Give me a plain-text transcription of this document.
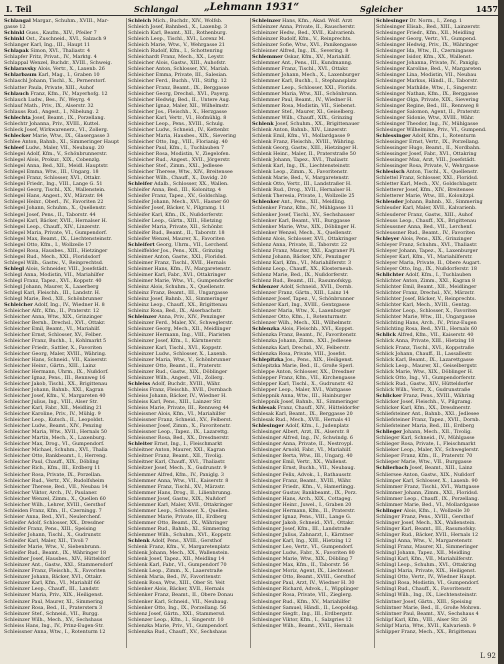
I. Teil	Schlangal	„Lehmann 1931“	Sgleicher	1457
Schlangal Margar., Schuhm., XVIII., Mar-
gasse 12
Schinkl Guss., Kaufm., XIV., Pfeiler 7
Schinkl Ost., Zuschneid., XVI., Salzach 9
Schlanger Karl, Ing., III., Haupt 11
Schlapak Simon, XVI., Thaliastr. 4
Schlapfer Fritz, Privat., IV., Marktg. 4
Schlappal Wenzel, Buchdr., XVIII., Schweig.
Schlaravsky Alois, Vertr., X., Laxenb. 26
Schlarbaum Karl, Mag., I., Graben 10
Schlaschl Johann, Tischl., X., Pernerstorf.
Schlatter Paula, Private, XIII., Auhof
Schlauch Franz, Kfm., IV., Mayerhofg. 12
Schlauch Ludw., Bes., IV., Weyrg. 4
Schlauf Math., Priv., IX., Alserstr. 32
Schlauss Rud., Angest., I., Nibelung. 2
Schlechta Josef, Beamt., IX., Porzellang.
Schlechtr Johanna, Priv., XVIII., Kuttel.
Schleck Josef, Wirkwarenerz., VI., Zollerg.
Schlecker Marie, Wtw., IX., Glasergasse 3
Schlee Anton, Bahnb., XI., Simmeringer Haupt
Schleef Ludw., Maler, VII., Neubaug. 20
Schlegel Adolf, Kfm., V., Schönbrunnerstr.
Schlegel Alois, Prokur., XIX., Cobenzlg.
Schlegel Anna, Bed., XII., Meidl. Hauptstr.
Schlegel Emma, Wtw., III., Ungarg. 18
Schlegel Franz, Schlosser, XVI., Ottakr.
Schlegel Friedr., Ing., VIII., Lange G. 51
Schlegel Georg, Tischl., XX., Wallenstein.
Schlegel Hans, Angest., XV., Märzstr. 84
Schlegel Heinr., Oberl., IV., Favoriten 22
Schlegel Johann, Schuhm., X., Quellenstr.
Schlegel Josef, Pens., II., Taborstr. 44
Schlegel Karl, Bäcker, XVII., Hernalser H.
Schlegel Leop., Chauff., XIV., Linzerstr.
Schlegel Maria, Private, VI., Gumpendorf.
Schlegel Max, Beamt., IX., Liechtensteinstr.
Schlegel Otto, Kfm., I., Wollzeile 17
Schlegel Rosa, Hausbes., XIII., Hietzinger
Schlegel Rud., Mech., XXI., Floridsdorf
Schlegel Wilh., Gastw., V., Reinprechtsd.
Schlegl Alois, Schneider, VIII., Josefstädt.
Schlegl Anna, Modistin, VII., Mariahilfer
Schlegl Franz, Tapez., XVI., Koppstr. 40
Schlegl Johann, Maurer, X., Laaerberg
Schlegl Karl, Fleischh., III., Landstr. H.
Schlegl Marie, Bed., XII., Schönbrunner
Schleicher Adolf, Ing., IV., Wiedner H. 8
Schleicher Alfr., Kfm., II., Praterstr. 12
Schleicher Anna, Wtw., XIX., Grinzinger
Schleicher Bernh., Drechsl., XVI., Ottakr.
Schleicher Emil, Beamt., VI., Mariahilf.
Schleicher Ernst, Schlosser, XV., Felber.
Schleicher Franz, Buchh., I., Kohlmarkt 5
Schleicher Friedr., Sattler, X., Favoriten
Schleicher Georg, Maler, XVIII., Währing.
Schleicher Hans, Schneid., VII., Kaiserstr.
Schleicher Heinr., Gärtn., XIII., Lainz
Schleicher Hermann, Uhrm., IX., Nußdorf.
Schleicher Ignaz, Pens., III., Rennweg 16
Schleicher Jakob, Tischl., XX., Brigittenau
Schleicher Johann, Bahnb., XXI., Kagran
Schleicher Josef, Kfm., V., Margareten 40
Schleicher Julius, Ing., VIII., Alser Str.
Schleicher Karl, Fabr., XII., Meidling 21
Schleicher Karoline, Priv., IV., Mühlg. 9
Schleicher Leop., Kutsch., II., Leopoldst.
Schleicher Ludw., Beamt., XIV., Penzing
Schleicher Maria, Wtw., XVII., Hernals 50
Schleicher Martin, Mech., X., Laxenburg.
Schleicher Max, Drog., VI., Gumpendorf.
Schleicher Michael, Schuhm., XVI., Thalia
Schleicher Otto, Bankbeamt., I., Herreng.
Schleicher Paul, Chauff., XIX., Döbling
Schleicher Rich., Kfm., III., Erdberg 11
Schleicher Rosa, Private, IX., Porzellan.
Schleicher Rud., Vertr., XV., Rudolfsheim
Schleicher Therese, Bed., VII., Neubau 14
Schleicher Viktor, Arch., IV., Paulaner.
Schleicher Wenzel, Zimm., X., Quellen 60
Schleicher Wilh., Lehrer, XVIII., Gersthof
Schleiden Franz, Kfm., II., Czerningg. 7
Schleier Anna, Bed., XVI., Neulerchenf.
Schleifer Adolf, Schlosser, XX., Dresdner
Schleifer Franz, Pens., XIII., Speising
Schleifer Johann, Tischl., X., Gudrunstr.
Schleifer Karl, Maler, XII., Tivoli 7
Schleifer Marie, Wtw., V., Siebenbrunn.
Schleifer Rud., Beamt., IX., Währinger 18
Schleifner Josef, Hausbes., XIV., Hütteldorf
Schleinzer Ant., Gastw., XXI., Stammersdorf
Schleinzer Franz, Fleischh., X., Favoriten
Schleinzer Johann, Bäcker, XVI., Ottakr.
Schleinzer Karl, Kfm., VI., Mariahilf 66
Schleinzer Leop., Chauff., III., Landstr.
Schleinzer Maria, Priv., XIX., Heiligenst.
Schleinzer Paul, Maurer, XI., Simmering
Schleinzer Rosa, Bed., II., Praterstern 3
Schleinzer Stef., Schneid., VII., Burgg.
Schleinzer Wilh., Mech., XV., Sechshaus
Schleiss Hans, Ing., IV., Prinz-Eugen-Str.
Schleissner Anna, Wtw., I., Rotenturm 12
Schleich Mich., Buchdr., XIV., Wolfsb.
Schleich Josef, Bahnbed., X., Laxenbg. 3
Schleich Karl, Beamt., XII., Rothenburg.
Schleich Leop., Tischl., XVI., Lorenz M.
Schleich Marie, Wtw., V., Wehrgasse 21
Schleich Rudolf, Kfm., I., Schottenring
Schleichardt Franz, Mech., XX., Leystr.
Schleicher Alois, Gastw., XIII., Auhofstr.
Schleicher Anton, Schlosser, XV., Mariah.
Schleicher Emma, Private, III., Salesian.
Schleicher Ferd., Buchh., VII., Stiftg. 12
Schleicher Franz, Beamt., IX., Berggasse
Schleicher Georg, Drechsl., XVI., Payerg.
Schleicher Hedwig, Bed., II., Untere Aug.
Schleicher Ignaz, Maler, XII., Wilhelmstr.
Schleicher Jos., Fleischh., X., Herzgasse
Schleicher Karl, Vertr., VI., Hofmühlg. 8
Schleicher Leop., Pens., XVIII., Schulg.
Schleicher Ludw., Schneid., IV., Kettenbr.
Schleicher Maria, Hausbes., XIX., Sievering
Schleicher Otto, Ing., VIII., Florianig. 40
Schleicher Paul, Kfm., I., Tuchlauben 7
Schleicher Rosa, Modistin, V., Ziegelofen.
Schleicher Rud., Angest., XVII., Jörgerstr.
Schleicher Stef., Zimm., XXI., Jedlesee
Schleicher Therese, Wtw., XIV., Breitensee
Schleicher Wilh., Chauff., X., Davidg. 20
Schleifer Adalb., Schlosser, XX., Wallen.
Schleifer Anna, Bed., III., Kolonitzg. 4
Schleifer Franz, Tapez., XV., Goldschlag.
Schleifer Johann, Mech., XVI., Hasner 60
Schleifer Josef, Bäcker, V., Pilgramg. 11
Schleifer Karl, Kfm., IX., Nußdorferstr.
Schleifer Leop., Gärtn., XIII., Hietzing
Schleifer Maria, Private, XII., Schönbr.
Schleifer Rud., Beamt., II., Taborstr. 18
Schleifer Wenzel, Maurer, X., Favoriten
Schleifert Georg, Uhrm., VII., Lerchenf.
Schleiffelder Jos., Pens., XIX., Grinzing
Schleimer Anton, Gastw., XXI., Floridsd.
Schleimer Franz, Tischl., XVII., Hernals
Schleimer Hans, Kfm., IV., Margaretenstr.
Schleimer Karl, Fabr., XVI., Ottakringer
Schleimer Marie, Wtw., VI., Gumpendorfer
Schleinz Alois, Schuhm., X., Quellenstr.
Schleinz Franz, Beamt., III., Ungargasse
Schleinz Josef, Bahnb., XI., Simmeringer
Schleinz Leop., Chauff., XX., Brigittenau
Schleinz Rosa, Bed., IX., Alserbachstr.
Schleinzer Anna, Priv., XIV., Penzinger
Schleinzer Ferd., Maler, XV., Schweglerstr.
Schleinzer Georg, Mech., XII., Meidlinger
Schleinzer Hermann, Ing., VIII., Piaristen
Schleinzer Josef, Kfm., I., Kärntnerstr.
Schleinzer Karl, Tischl., XVI., Koppstr.
Schleinzer Ludw., Schlosser, X., Laxenb.
Schleinzer Maria, Wtw., V., Schönbrunner
Schleinzer Otto, Beamt., II., Praterstr.
Schleinzer Rud., Gastw., XIX., Döblinger
Schleinzer Wilh., Angest., VII., Zollerg.
Schleiss Adolf, Buchdr., XVIII., Währ.
Schleiss Franz, Fleischh., XVII., Dornbach
Schleiss Johann, Bäcker, IV., Wiedner H.
Schleiss Karl, Pens., XIII., Lainzer Str.
Schleiss Marie, Private, III., Rennweg 44
Schleissner Alois, Kfm., VI., Mariahilfer
Schleissner Franz, Schneid., XV., Felberst.
Schleissner Josef, Zimm., X., Favoritenstr.
Schleissner Leop., Tapez., IX., Lazarettg.
Schleissner Rosa, Bed., XX., Dresdnerstr.
Schleiter Ernst, Ing., I., Fleischmarkt
Schleitner Anton, Maurer, XXI., Kagran
Schleitner Franz, Beamt., XII., Tivolig.
Schleitner Karl, Chauff., XVI., Thaliastr.
Schleitzer Josef, Mech., X., Gudrunstr. 9
Schlemmer Alfred, Kfm., IV., Paniglg. 3
Schlemmer Anna, Wtw., VII., Kaiserstr. 8
Schlemmer Franz, Tischl., XV., Märzstr.
Schlemmer Hans, Drog., II., Lilienbrunng.
Schlemmer Josef, Gastw., XIX., Nußdorf
Schlemmer Karl, Maler, XVII., Ottakringer
Schlemmer Leop., Schlosser, X., Quellen.
Schlemmer Marie, Private, III., Erdberg
Schlemmer Otto, Beamt., IX., Währinger
Schlemmer Rud., Bahnb., XI., Simmering
Schlemmer Wilh., Schuhm., XVI., Koppstr.
Schlenk Adolf, Pens., XVIII., Gersthof
Schlenk Franz, Kfm., V., Margaretenplatz
Schlenk Johann, Mech., XX., Wallenstein.
Schlenk Josef, Tapez., XII., Meidling 14
Schlenk Karl, Fabr., VI., Gumpendorf 70
Schlenk Leop., Zimm., X., Laaerstraße
Schlenk Maria, Bed., IV., Favoritenstr.
Schlenk Rosa, Wtw., XIII., Ober St. Veit
Schlenker Alois, Bäcker, XVII., Hernals
Schlenker Franz, Beamt., II., Obere Donau
Schlenker Karl, Schneid., VII., Neubaug.
Schlenker Otto, Ing., IX., Porzellang. 56
Schlenz Josef, Gärtn., XXI., Stammersd.
Schlenzer Leop., Kfm., I., Singerstr. 10
Schlenzka Marie, Priv., VI., Gumpendorf.
Schlenzka Rud., Chauff., XV., Sechshaus
Schleinzer Hans, Kfm., Akad. Wolf. Arzt
Schleinzer Anna, Private, II., Rauscherstr.
Schleinzer Hedw., Bed., XVII., Kalvarienb.
Schleinzer Rudolf, Kfm., V., Reinprechts.
Schleinzer Sofie, Wtw., XVI., Panikengasse
Schleisner Alfred, Ing., IX., Severing. 8
Schlemmer Oskar, Kfm., XV., Mariahilf.
Schlemmer Ant., Pens., III., Kundmanng.
Schlemmer Franz, Tischl., XVI., Ottakr.
Schlemmer Johann, Mech., X., Laxenburger
Schlemmer Karl, Buchh., I., Stephansplatz
Schlemmer Leop., Schlosser, XXI., Florids.
Schlemmer Maria, Wtw., XII., Schönbrunn.
Schlemmer Paul, Beamt., IV., Wiedner H.
Schlemmer Rosa, Modistin, VII., Siebenst.
Schlemmer Stef., Maurer, XI., Geiselberg.
Schlemmer Wilh., Chauff., XIX., Grinzing
Schlenk Josef, Schuhm., XX., Brigittenauer
Schlenk Anton, Bahnb., XIV., Linzerstr.
Schlenk Emil, Kfm., VI., Mollardgasse 9
Schlenk Franz, Fleischh., XVIII., Währing.
Schlenk Georg, Gastw., XIII., Hietzinger H.
Schlenk Heinr., Maler, II., Praterstraße 50
Schlenk Johann, Tapez., XVI., Thaliastr.
Schlenk Karl, Ing., IX., Liechtensteinstr.
Schlenk Leop., Zimm., X., Favoritenstr.
Schlenk Marie, Bed., V., Margaretenstr.
Schlenk Otto, Vertr., III., Landstraßer H.
Schlenk Rud., Drog., XVII., Hernalser H.
Schlenk Theresia, Private, I., Wollzeile 25
Schlenker Ant., Pens., XII., Meidling.
Schlenker Franz, Kfm., IV., Mühlgasse 11
Schlenker Josef, Tischl., XV., Sechshauser
Schlenker Karl, Beamt., VII., Burggasse
Schlenker Marie, Wtw., XIX., Döblinger H.
Schlenker Wenzel, Mech., X., Quellenstr.
Schlenz Alois, Schlosser, XVI., Ottakringer
Schlenz Anna, Private, II., Taborstr. 22
Schlenz Franz, Maurer, XXI., Kagraner Pl.
Schlenz Johann, Bäcker, XIV., Penzinger
Schlenz Karl, Kfm., VI., Mariahilferstr. 3
Schlenz Leop., Chauff., XX., Klosterneub.
Schlenz Marie, Bed., IX., Nußdorferstr.
Schlenz Rud., Beamt., III., Rasumofskyg.
Schlenzer Adolf, Schneid., XVII., Dornb.
Schlenzer Franz, Gärtn., XIII., Lainz 14
Schlenzer Josef, Tapez., V., Schönbrunner
Schlenzer Karl, Ing., XVIII., Gentzgasse
Schlenzer Maria, Wtw., X., Laxenburger
Schlenzer Otto, Kfm., I., Rotenturmstr.
Schlenzer Wilh., Mech., XII., Wilhelmstr.
Schlenzka Alois, Fleischh., XVI., Koppst.
Schlenzka Franz, Beamt., IV., Favoritenstr.
Schlenzka Johann, Zimm., XXI., Jedlesee
Schlenzka Karl, Drechsl., XV., Felberstr.
Schlenzka Rosa, Private, VIII., Josefst.
Schlepitzka Jos., Pens., XIX., Heiligenst.
Schlepitzka Marie, Bed., II., Große Sperl.
Schleppe Anton, Schlosser, XX., Dresdner
Schlepper Franz, Kfm., VII., Kirchengasse
Schlepper Karl, Tischl., X., Gudrunstr. 42
Schlepper Leop., Maler, XVI., Wattgasse
Schleppnik Anna, Wtw., III., Hainburger
Schleppnik Josef, Bahnb., XI., Simmeringer
Schlesak Franz, Chauff., XIV., Hütteldorfer
Schlesak Karl, Beamt., IX., Berggasse 20
Schlesak Rud., Mech., XVII., Hernals 41
Schlesinger Adolf, Kfm., I., Judenplatz
Schlesinger Albert, Arzt, IX., Alserstr. 8
Schlesinger Alfred, Ing., IV., Schwindg. 6
Schlesinger Anna, Private, II., Nestroypl.
Schlesinger Arnold, Fabr., VI., Mariahilf.
Schlesinger Berta, Wtw., III., Ungarg. 40
Schlesinger Emil, Vertr., XX., Wallenst.
Schlesinger Ernst, Buchh., VII., Neubaug.
Schlesinger Felix, Advok., I., Rathausstr.
Schlesinger Franz, Beamt., XVIII., Währ.
Schlesinger Friedr., Kfm., V., Hamerlingg.
Schlesinger Gustav, Bankbeamt., IX., Porz.
Schlesinger Hans, Arch., XIX., Cottageg.
Schlesinger Heinr., Juwel., I., Graben 20
Schlesinger Hermann, Kfm., II., Praterstr.
Schlesinger Ignaz, Pens., VIII., Lange G.
Schlesinger Jakob, Schneid., XVI., Ottakr.
Schlesinger Josef, Kfm., III., Landstraße
Schlesinger Julius, Zahnarzt, I., Kärntner
Schlesinger Karl, Ing., XIII., Hietzing 12
Schlesinger Leo, Vertr., VI., Gumpendorf.
Schlesinger Ludw., Fabr., X., Favoriten 80
Schlesinger Marie, Wtw., XIX., Döbling 7
Schlesinger Max, Kfm., II., Taborstr. 56
Schlesinger Moriz, Agent, IX., Liechtenst.
Schlesinger Otto, Beamt., XVIII., Gersthof
Schlesinger Paul, Arzt, IV., Wiedner H. 30
Schlesinger Richard, Advok., I., Wipplinger
Schlesinger Rosa, Private, VII., Zieglerg.
Schlesinger Rud., Kfm., XV., Mariahilfer
Schlesinger Samuel, Händl., II., Leopoldsg.
Schlesinger Siegfr., Ing., III., Erdbergstr.
Schlesinger Viktor, Kfm., I., Salzgries 12
Schlesinger Wilh., Beamt., XVII., Hernals
Schlesinger Dr. Norm., I., Zeng. 1
Schlesinger Elisab., Bed., XIII., Lainzerstr.
Schlesinger Friedr., Kfm., XII., Meidling
Schlesinger Georg, Vertr., VI., Gumpend.
Schlesinger Hedwig, Priv., IX., Währinger
Schlesinger Ida, Wtw., II., Czerningasse
Schlesinger Isidor, Kfm., XX., Wallenst.
Schlesinger Johanna, Private, IV., Paniglg.
Schlesinger Karoline, Bed., V., Margareten
Schlesinger Lina, Modistin, VII., Neubau
Schlesinger Markus, Händl., II., Taborstr.
Schlesinger Mathilde, Wtw., I., Singerstr.
Schlesinger Nathan, Kfm., IX., Berggasse
Schlesinger Olga, Private, XIX., Sievering
Schlesinger Regine, Bed., III., Rennweg 8
Schlesinger Salomon, Agent, II., Praterstr.
Schlesinger Sidonie, Wtw., XVIII., Währ.
Schlesinger Theodor, Ing., IV., Mühlgasse
Schlesinger Wilhelmine, Priv., VI., Gumpend.
Schlessinger Adolf, Kfm., I., Rotenturm
Schlessinger Ernst, Vertr., IX., Porzellang.
Schlessinger Hugo, Beamt., II., Nordbahn.
Schlessinger Josef, Fabr., XVI., Ottakring
Schlessinger Max, Arzt, VIII., Josefstädt.
Schlessinger Rosa, Private, V., Wehrgasse
Schlesisch Anton, Tischl., X., Quellenstr.
Schlettel Franz, Schlosser, XXI., Floridsd.
Schletter Karl, Mech., XV., Goldschlagstr.
Schletterer Josef, Kfm., XIV., Breitensee
Schletterer Marie, Wtw., III., Kolonitzpl.
Schleuder Johann, Bahnb., XI., Simmering
Schleuder Karl, Maler, XVII., Kalvarienb.
Schleuderer Franz, Gastw., XIII., Auhof
Schleuss Leop., Chauff., XX., Brigittenau
Schleussner Anna, Bed., VII., Lerchenf.
Schleussner Rud., Beamt., IV., Favoriten
Schleyer Alois, Pens., XIX., Grinzinger
Schleyer Franz, Schuhm., XVI., Thaliastr.
Schleyer Johann, Tapez., X., Laxenburger
Schleyer Karl, Kfm., VI., Mariahilferstr.
Schleyer Maria, Private, II., Obere Augart.
Schleyer Otto, Ing., IX., Nußdorferstr. 18
Schlichter Adolf, Kfm., I., Tuchlauben
Schlichter Anton, Zimm., XXI., Kagran 8
Schlichter Emil, Beamt., XII., Meidlinger
Schlichter Franz, Drechsl., XV., Märzstr.
Schlichter Josef, Bäcker, V., Reinprechts.
Schlichter Karl, Mech., XVIII., Gentzg.
Schlichter Leop., Schlosser, X., Favoriten
Schlichter Marie, Wtw., III., Ungargasse
Schlichting Hans, Arch., IV., Prinz-Eugen
Schlichting Rosa, Bed., XVII., Hernals 60
Schlick Alfred, Kfm., VII., Kaiserstr. 40
Schlick Anna, Private, XIII., Hietzing 18
Schlick Franz, Tischl., XVI., Koppstraße
Schlick Johann, Chauff., II., Lassallestr.
Schlick Karl, Beamt., IX., Lazarettgasse
Schlick Leop., Maurer, XI., Geiselbergstr.
Schlick Marie, Wtw., XIX., Döblinger H.
Schlick Otto, Ing., VI., Gumpendorferstr.
Schlick Rud., Gastw., XIV., Hütteldorfer
Schlick Wilh., Vertr., X., Gudrunstraße
Schlicker Franz, Pens., XVIII., Währing
Schlicker Josef, Fleischh., V., Pilgramg.
Schlicker Karl, Kfm., XX., Dresdnerstr.
Schliefsteiner Ant., Bahnb., XXI., Jedlesee
Schliefsteiner Franz, Tapez., XVII., Dornb.
Schliefsteiner Maria, Bed., III., Erdberg
Schlieger Johann, Mech., XII., Tivolig.
Schlieger Karl, Schneid., IV., Mühlgasse
Schlieger Rosa, Private, I., Fleischmarkt
Schlieker Leop., Maler, XV., Schweglerstr.
Schlieper Franz, Kfm., II., Praterstr. 70
Schlieper Marie, Wtw., VII., Burggasse
Schlierbach Josef, Beamt., XIII., Lainz
Schliersee Anton, Gastw., XIX., Nußdorf
Schlimper Karl, Schlosser, X., Laxenb. 90
Schlimmer Franz, Tischl., XVI., Wattgasse
Schlimmer Johann, Zimm., XXI., Floridsd.
Schlimmer Leop., Chauff., IX., Porzellang.
Schlimmer Marie, Bed., VI., Mollardgasse
Schlinger Alois, Kfm., I., Wollzeile 30
Schlinger Franz, Pens., XVIII., Gersthof
Schlinger Josef, Mech., XX., Wallenstein.
Schlinger Karl, Beamt., III., Rasumofsky.
Schlinger Rud., Bäcker, XVII., Hernals 12
Schlingl Anna, Wtw., V., Margaretenstr.
Schlingl Franz, Maurer, XI., Simmeringer
Schlingl Johann, Tapez., XII., Meidling
Schlingl Karl, Kfm., VII., Mariahilferstr.
Schlingl Leop., Schuhm., XVI., Ottakring
Schlingl Maria, Private, XIX., Heiligenst.
Schlingl Otto, Vertr., IV., Wiedner Haupt.
Schlingl Rosa, Modistin, VI., Gumpendorf.
Schlingl Rud., Chauff., X., Favoritenstr.
Schlingl Wilh., Ing., IX., Liechtensteinstr.
Schlintner Josef, Gärtn., XIII., Speising
Schlintner Marie, Bed., II., Große Mohren.
Schlintner Paul, Beamt., XV., Sechshaus 4
Schlipf Karl, Kfm., VIII., Alser Str. 26
Schlipf Maria, Wtw., XVII., Kalvarienb. 9
Schlipper Franz, Mech., XX., Brigittenau
L 92
